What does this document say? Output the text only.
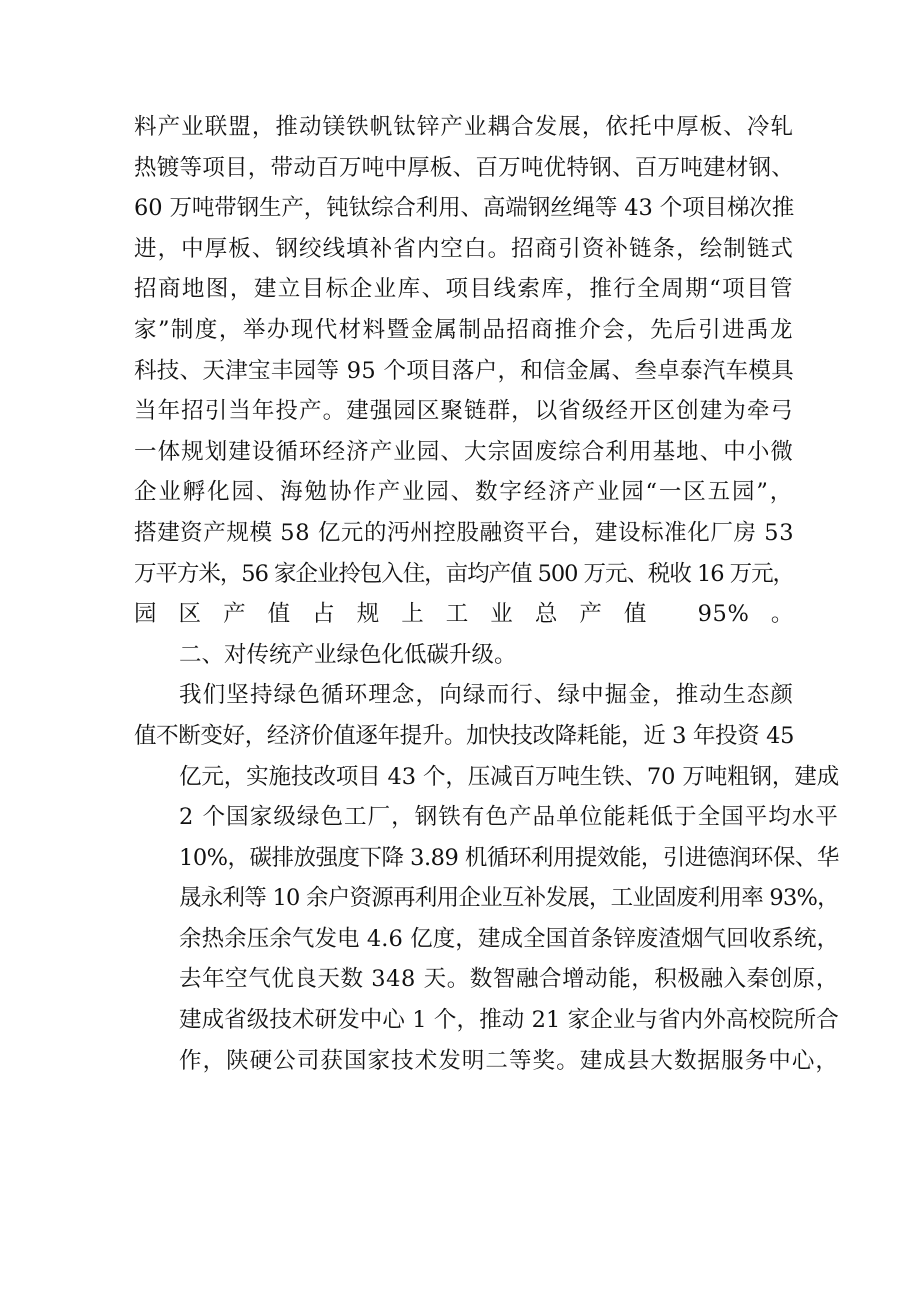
料产业联盟，推动镁铁帆钛锌产业耦合发展，依托中厚板、冷轧
热镀等项目，带动百万吨中厚板、百万吨优特钢、百万吨建材钢、
60 万吨带钢生产，钝钛综合利用、高端钢丝绳等 43 个项目梯次推
进，中厚板、钢绞线填补省内空白。招商引资补链条，绘制链式
招商地图，建立目标企业库、项目线索库，推行全周期“项目管
家”制度，举办现代材料暨金属制品招商推介会，先后引进禹龙
科技、天津宝丰园等 95 个项目落户，和信金属、叁卓泰汽车模具
当年招引当年投产。建强园区聚链群，以省级经开区创建为牵弓
一体规划建设循环经济产业园、大宗固废综合利用基地、中小微
企业孵化园、海勉协作产业园、数字经济产业园“一区五园”，
搭建资产规模 58 亿元的沔州控股融资平台，建设标准化厂房 53
万平方米，56 家企业拎包入住，亩均产值 500 万元、税收 16 万元，
园区产值占规上工业总产值 95%。

二、对传统产业绿色化低碳升级。

我们坚持绿色循环理念，向绿而行、绿中掘金，推动生态颜
值不断变好，经济价值逐年提升。加快技改降耗能，近 3 年投资 45
亿元，实施技改项目 43 个，压减百万吨生铁、70 万吨粗钢，建成
2 个国家级绿色工厂，钢铁有色产品单位能耗低于全国平均水平
10%，碳排放强度下降 3.89 机循环利用提效能，引进德润环保、华
晟永利等 10 余户资源再利用企业互补发展，工业固废利用率 93%，
余热余压余气发电 4.6 亿度，建成全国首条锌废渣烟气回收系统，
去年空气优良天数 348 天。数智融合增动能，积极融入秦创原，
建成省级技术研发中心 1 个，推动 21 家企业与省内外高校院所合
作，陕硬公司获国家技术发明二等奖。建成县大数据服务中心，
